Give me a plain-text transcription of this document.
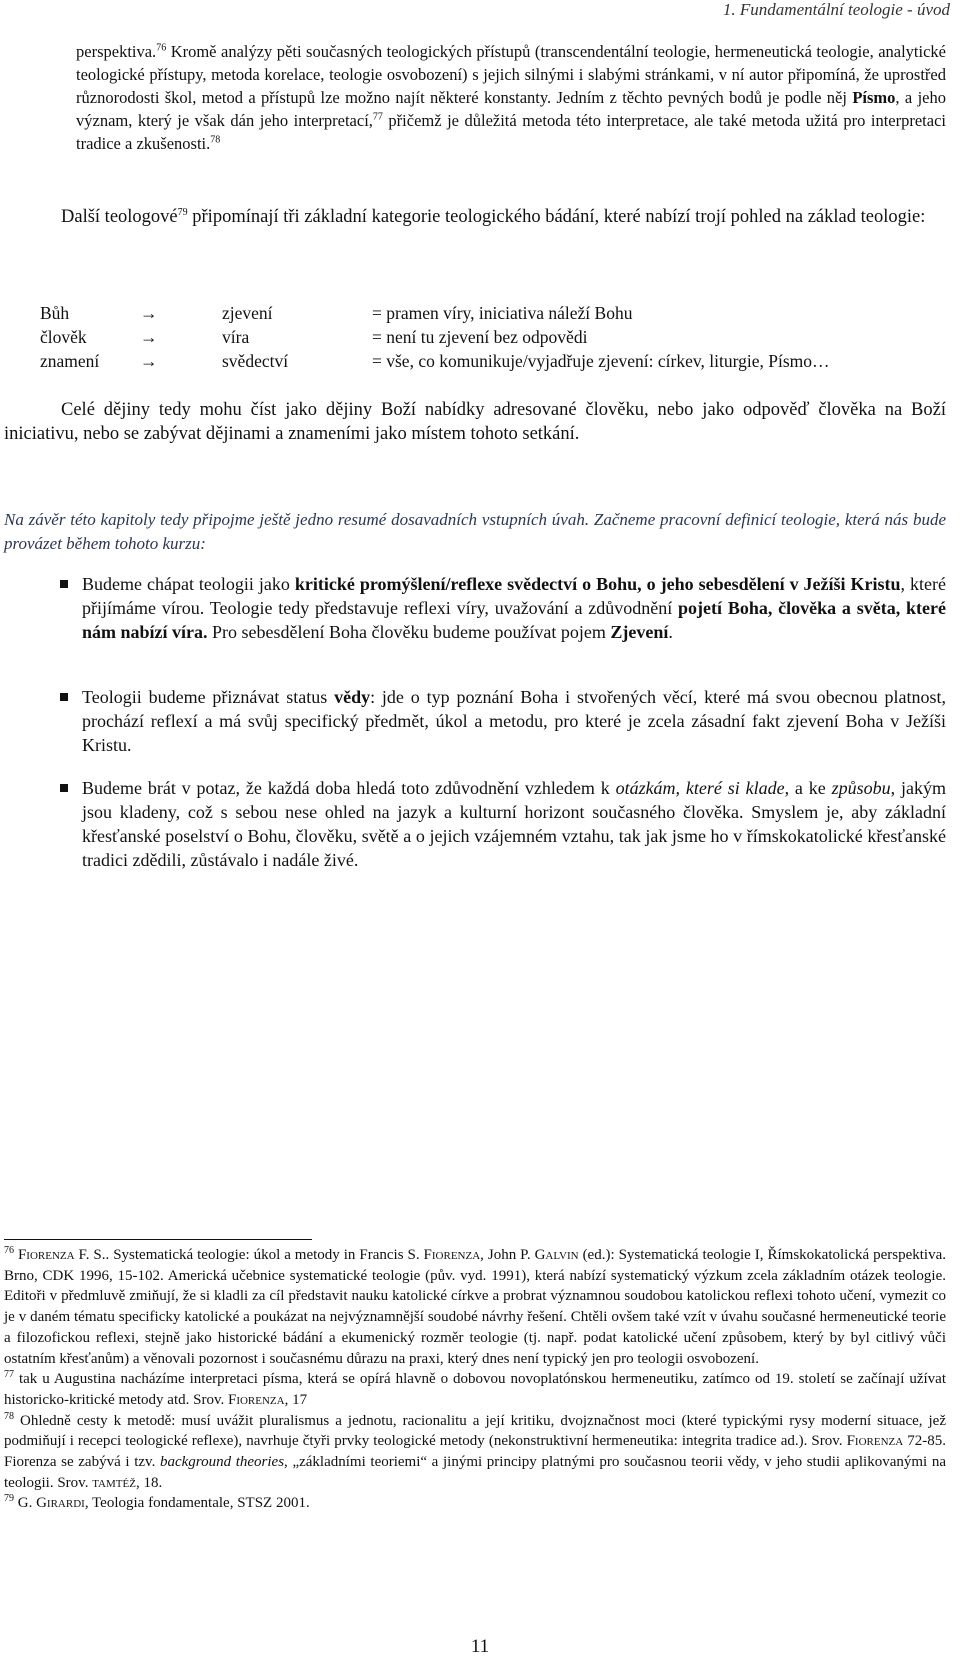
1. Fundamentální teologie - úvod
perspektiva.$^{76}$ Kromě analýzy pěti současných teologických přístupů (transcendentální teologie, hermeneutická teologie, analytické teologické přístupy, metoda korelace, teologie osvobození) s jejich silnými i slabými stránkami, v ní autor připomíná, že uprostřed různorodosti škol, metod a přístupů lze možno najít některé konstanty. Jedním z těchto pevných bodů je podle něj Písmo, a jeho význam, který je však dán jeho interpretací,$^{77}$ přičemž je důležitá metoda této interpretace, ale také metoda užitá pro interpretaci tradice a zkušenosti.$^{78}$
Další teologové$^{79}$ připomínají tři základní kategorie teologického bádání, které nabízí trojí pohled na základ teologie:
Bůh	→	zjevení	= pramen víry, iniciativa náleží Bohu
člověk	→	víra	= není tu zjevení bez odpovědi
znamení	→	svědectví	= vše, co komunikuje/vyjadřuje zjevení: církev, liturgie, Písmo…
Celé dějiny tedy mohu číst jako dějiny Boží nabídky adresované člověku, nebo jako odpověď člověka na Boží iniciativu, nebo se zabývat dějinami a znameními jako místem tohoto setkání.
Na závěr této kapitoly tedy připojme ještě jedno resumé dosavadních vstupních úvah. Začneme pracovní definicí teologie, která nás bude provázet během tohoto kurzu:
Budeme chápat teologii jako kritické promýšlení/reflexe svědectví o Bohu, o jeho sebesdělení v Ježíši Kristu, které přijímáme vírou. Teologie tedy představuje reflexi víry, uvažování a zdůvodnění pojetí Boha, člověka a světa, které nám nabízí víra. Pro sebesdělení Boha člověku budeme používat pojem Zjevení.
Teologii budeme přiznávat status vědy: jde o typ poznání Boha i stvořených věcí, které má svou obecnou platnost, prochází reflexí a má svůj specifický předmět, úkol a metodu, pro které je zcela zásadní fakt zjevení Boha v Ježíši Kristu.
Budeme brát v potaz, že každá doba hledá toto zdůvodnění vzhledem k otázkám, které si klade, a ke způsobu, jakým jsou kladeny, což s sebou nese ohled na jazyk a kulturní horizont současného člověka. Smyslem je, aby základní křesťanské poselství o Bohu, člověku, světě a o jejich vzájemném vztahu, tak jak jsme ho v římskokatolické křesťanské tradici zdědili, zůstávalo i nadále živé.

$^{76}$ Fiorenza F. S.. Systematická teologie: úkol a metody in Francis S. Fiorenza, John P. Galvin (ed.): Systematická teologie I, Římskokatolická perspektiva. Brno, CDK 1996, 15-102. Americká učebnice systematické teologie (pův. vyd. 1991), která nabízí systematický výzkum zcela základním otázek teologie. Editoři v předmluvě zmiňují, že si kladli za cíl představit nauku katolické církve a probrat významnou soudobou katolickou reflexi tohoto učení, vymezit co je v daném tématu specificky katolické a poukázat na nejvýznamnější soudobé návrhy řešení. Chtěli ovšem také vzít v úvahu současné hermeneutické teorie a filozofickou reflexi, stejně jako historické bádání a ekumenický rozměr teologie (tj. např. podat katolické učení způsobem, který by byl citlivý vůči ostatním křesťanům) a věnovali pozornost i současnému důrazu na praxi, který dnes není typický jen pro teologii osvobození.

$^{77}$ tak u Augustina nacházíme interpretaci písma, která se opírá hlavně o dobovou novoplatónskou hermeneutiku, zatímco od 19. století se začínají užívat historicko-kritické metody atd. Srov. Fiorenza, 17

$^{78}$ Ohledně cesty k metodě: musí uvážit pluralismus a jednotu, racionalitu a její kritiku, dvojznačnost moci (které typickými rysy moderní situace, jež podmiňují i recepci teologické reflexe), navrhuje čtyři prvky teologické metody (nekonstruktivní hermeneutika: integrita tradice ad.). Srov. Fiorenza 72-85. Fiorenza se zabývá i tzv. background theories, „základními teoriemi“ a jinými principy platnými pro současnou teorii vědy, v jeho studii aplikovanými na teologii. Srov. tamtéž, 18.

$^{79}$ G. Girardi, Teologia fondamentale, STSZ 2001.

11
